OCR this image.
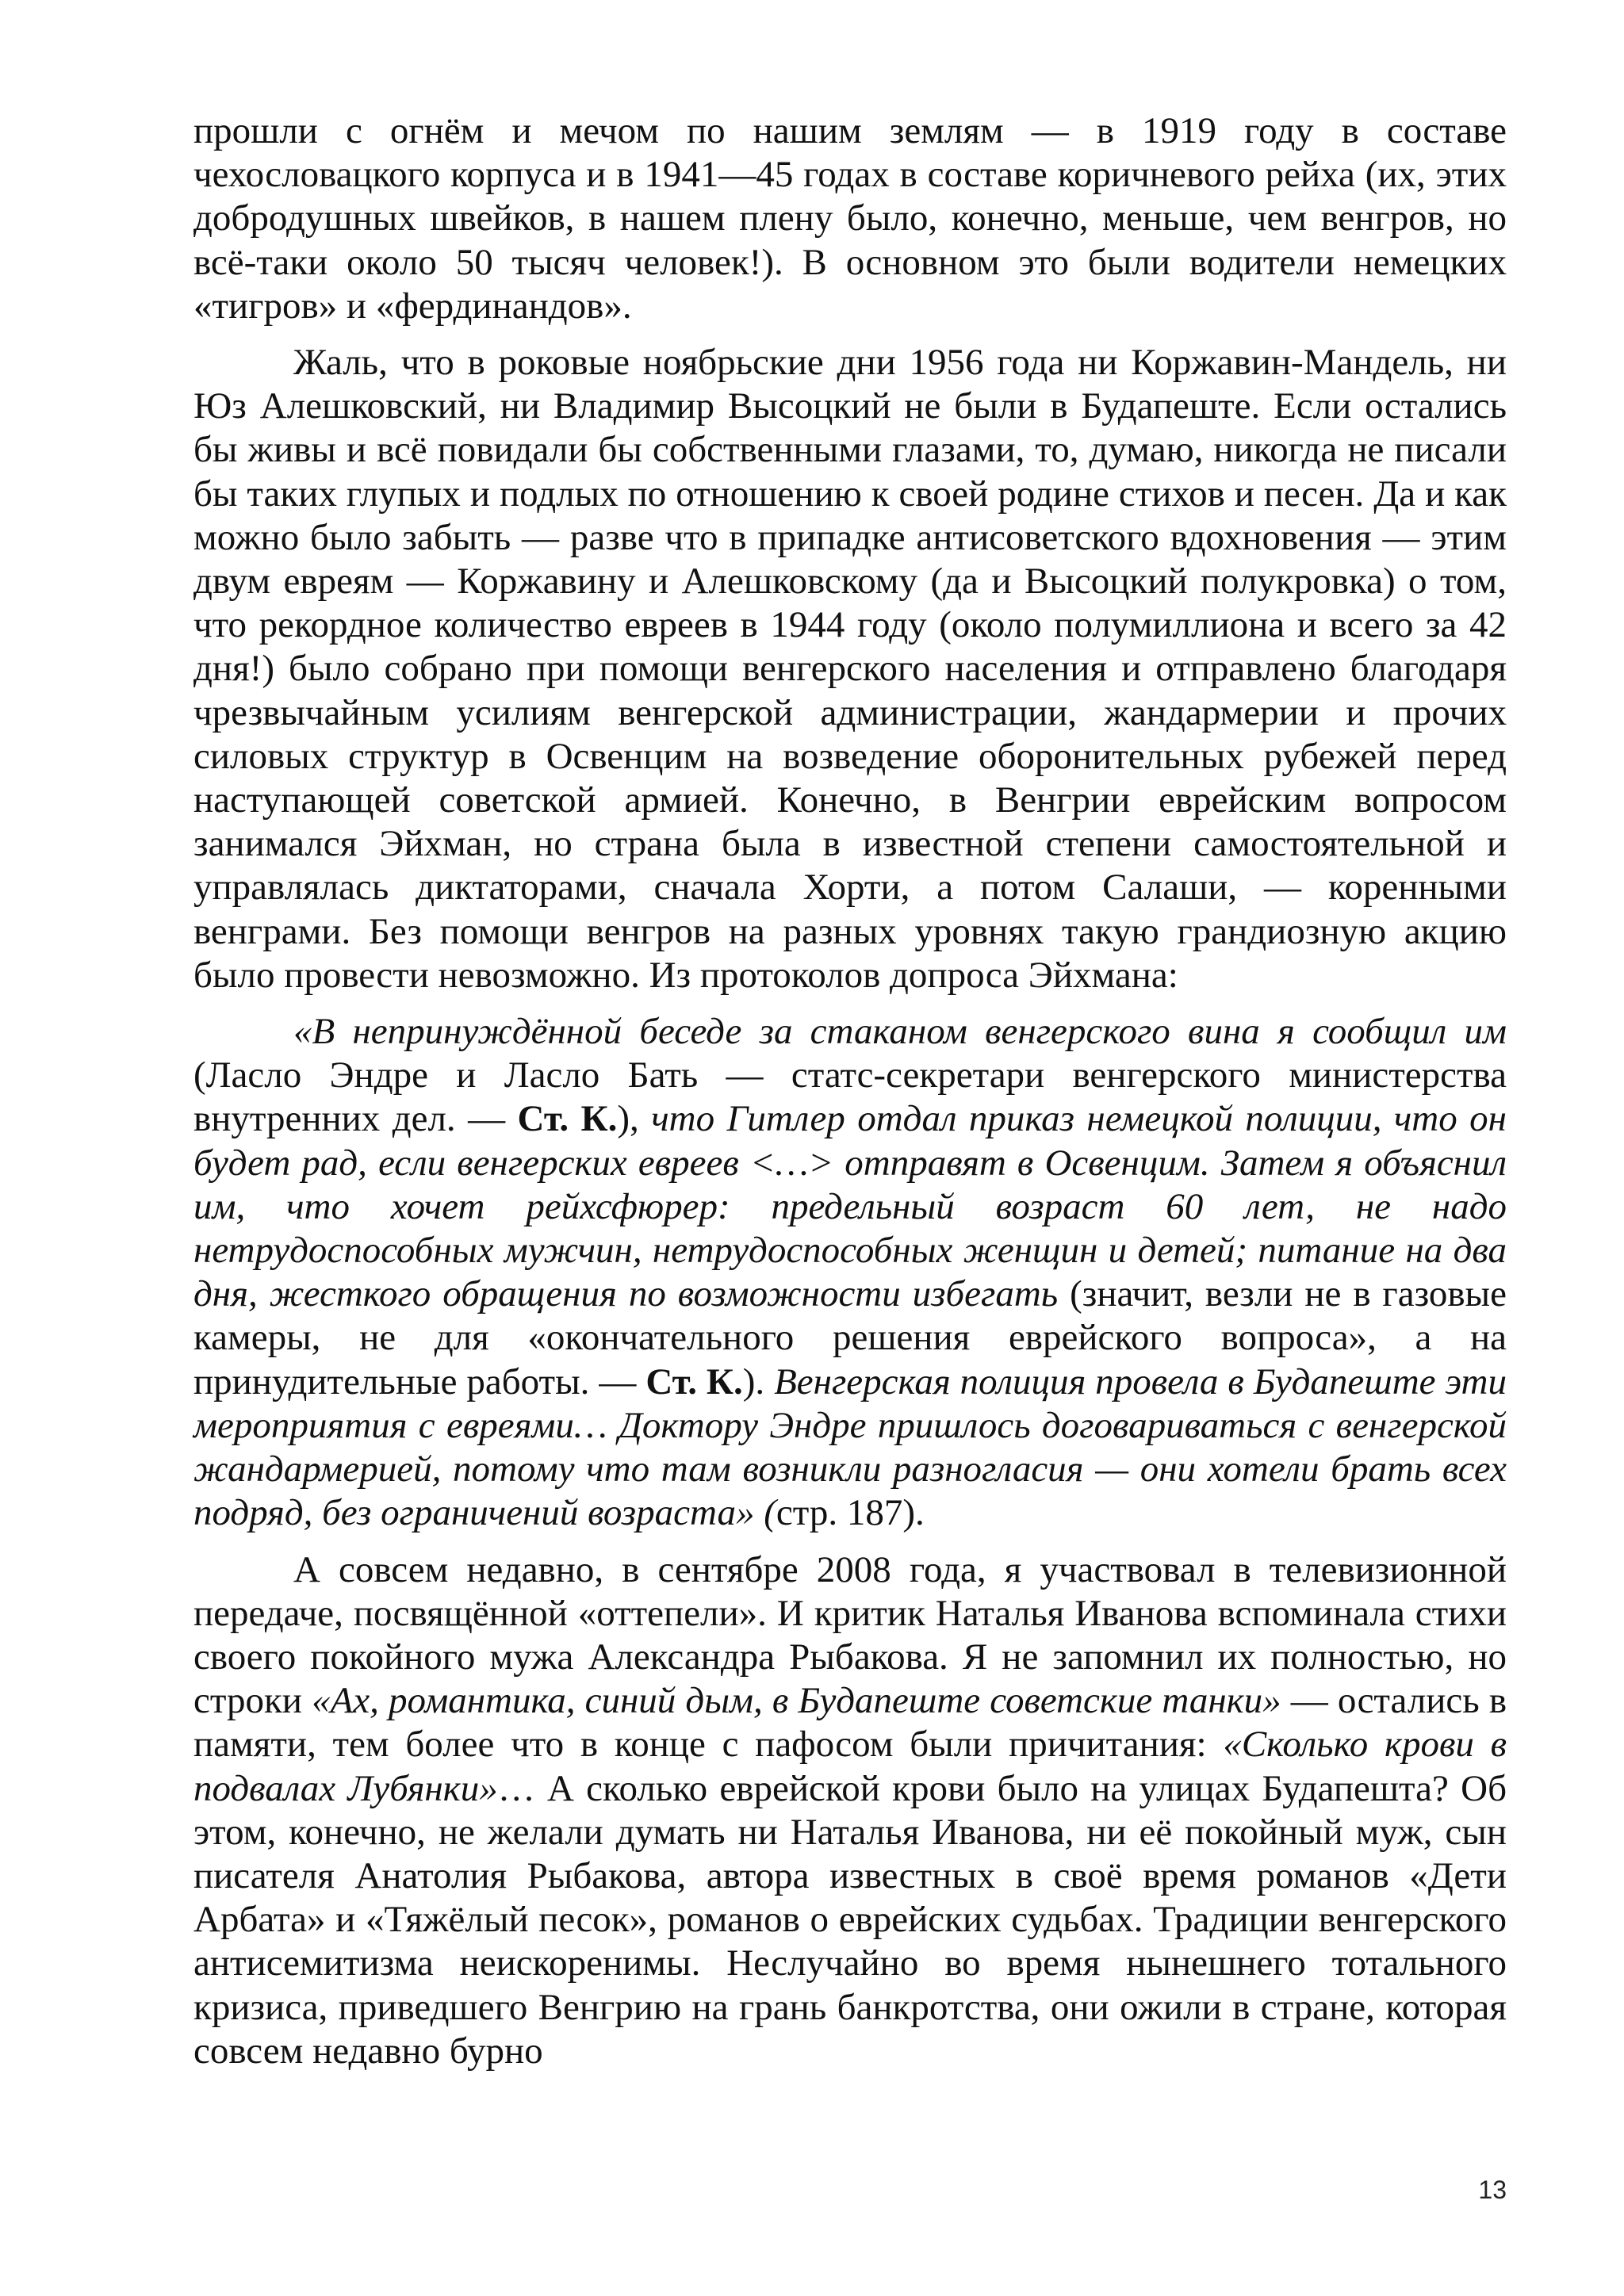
прошли с огнём и мечом по нашим землям — в 1919 году в составе чехословацкого корпуса и в 1941—45 годах в составе коричневого рейха (их, этих добродушных швейков, в нашем плену было, конечно, меньше, чем венгров, но всё-таки около 50 тысяч человек!). В основном это были водители немецких «тигров» и «фердинандов».

Жаль, что в роковые ноябрьские дни 1956 года ни Коржавин-Мандель, ни Юз Алешковский, ни Владимир Высоцкий не были в Будапеште. Если остались бы живы и всё повидали бы собственными глазами, то, думаю, никогда не писали бы таких глупых и подлых по отношению к своей родине стихов и песен. Да и как можно было забыть — разве что в припадке антисоветского вдохновения — этим двум евреям — Коржавину и Алешковскому (да и Высоцкий полукровка) о том, что рекордное количество евреев в 1944 году (около полумиллиона и всего за 42 дня!) было собрано при помощи венгерского населения и отправлено благодаря чрезвычайным усилиям венгерской администрации, жандармерии и прочих силовых структур в Освенцим на возведение оборонительных рубежей перед наступающей советской армией. Конечно, в Венгрии еврейским вопросом занимался Эйхман, но страна была в известной степени самостоятельной и управлялась диктаторами, сначала Хорти, а потом Салаши, — коренными венграми. Без помощи венгров на разных уровнях такую грандиозную акцию было провести невозможно. Из протоколов допроса Эйхмана:

«В непринуждённой беседе за стаканом венгерского вина я сообщил им (Ласло Эндре и Ласло Бать — статс-секретари венгерского министерства внутренних дел. — Ст. К.), что Гитлер отдал приказ немецкой полиции, что он будет рад, если венгерских евреев <…> отправят в Освенцим. Затем я объяснил им, что хочет рейхсфюрер: предельный возраст 60 лет, не надо нетрудоспособных мужчин, нетрудоспособных женщин и детей; питание на два дня, жесткого обращения по возможности избегать (значит, везли не в газовые камеры, не для «окончательного решения еврейского вопроса», а на принудительные работы. — Ст. К.). Венгерская полиция провела в Будапеште эти мероприятия с евреями… Доктору Эндре пришлось договариваться с венгерской жандармерией, потому что там возникли разногласия — они хотели брать всех подряд, без ограничений возраста» (стр. 187).

А совсем недавно, в сентябре 2008 года, я участвовал в телевизионной передаче, посвящённой «оттепели». И критик Наталья Иванова вспоминала стихи своего покойного мужа Александра Рыбакова. Я не запомнил их полностью, но строки «Ах, романтика, синий дым, в Будапеште советские танки» — остались в памяти, тем более что в конце с пафосом были причитания: «Сколько крови в подвалах Лубянки»… А сколько еврейской крови было на улицах Будапешта? Об этом, конечно, не желали думать ни Наталья Иванова, ни её покойный муж, сын писателя Анатолия Рыбакова, автора известных в своё время романов «Дети Арбата» и «Тяжёлый песок», романов о еврейских судьбах. Традиции венгерского антисемитизма неискоренимы. Неслучайно во время нынешнего тотального кризиса, приведшего Венгрию на грань банкротства, они ожили в стране, которая совсем недавно бурно

13
